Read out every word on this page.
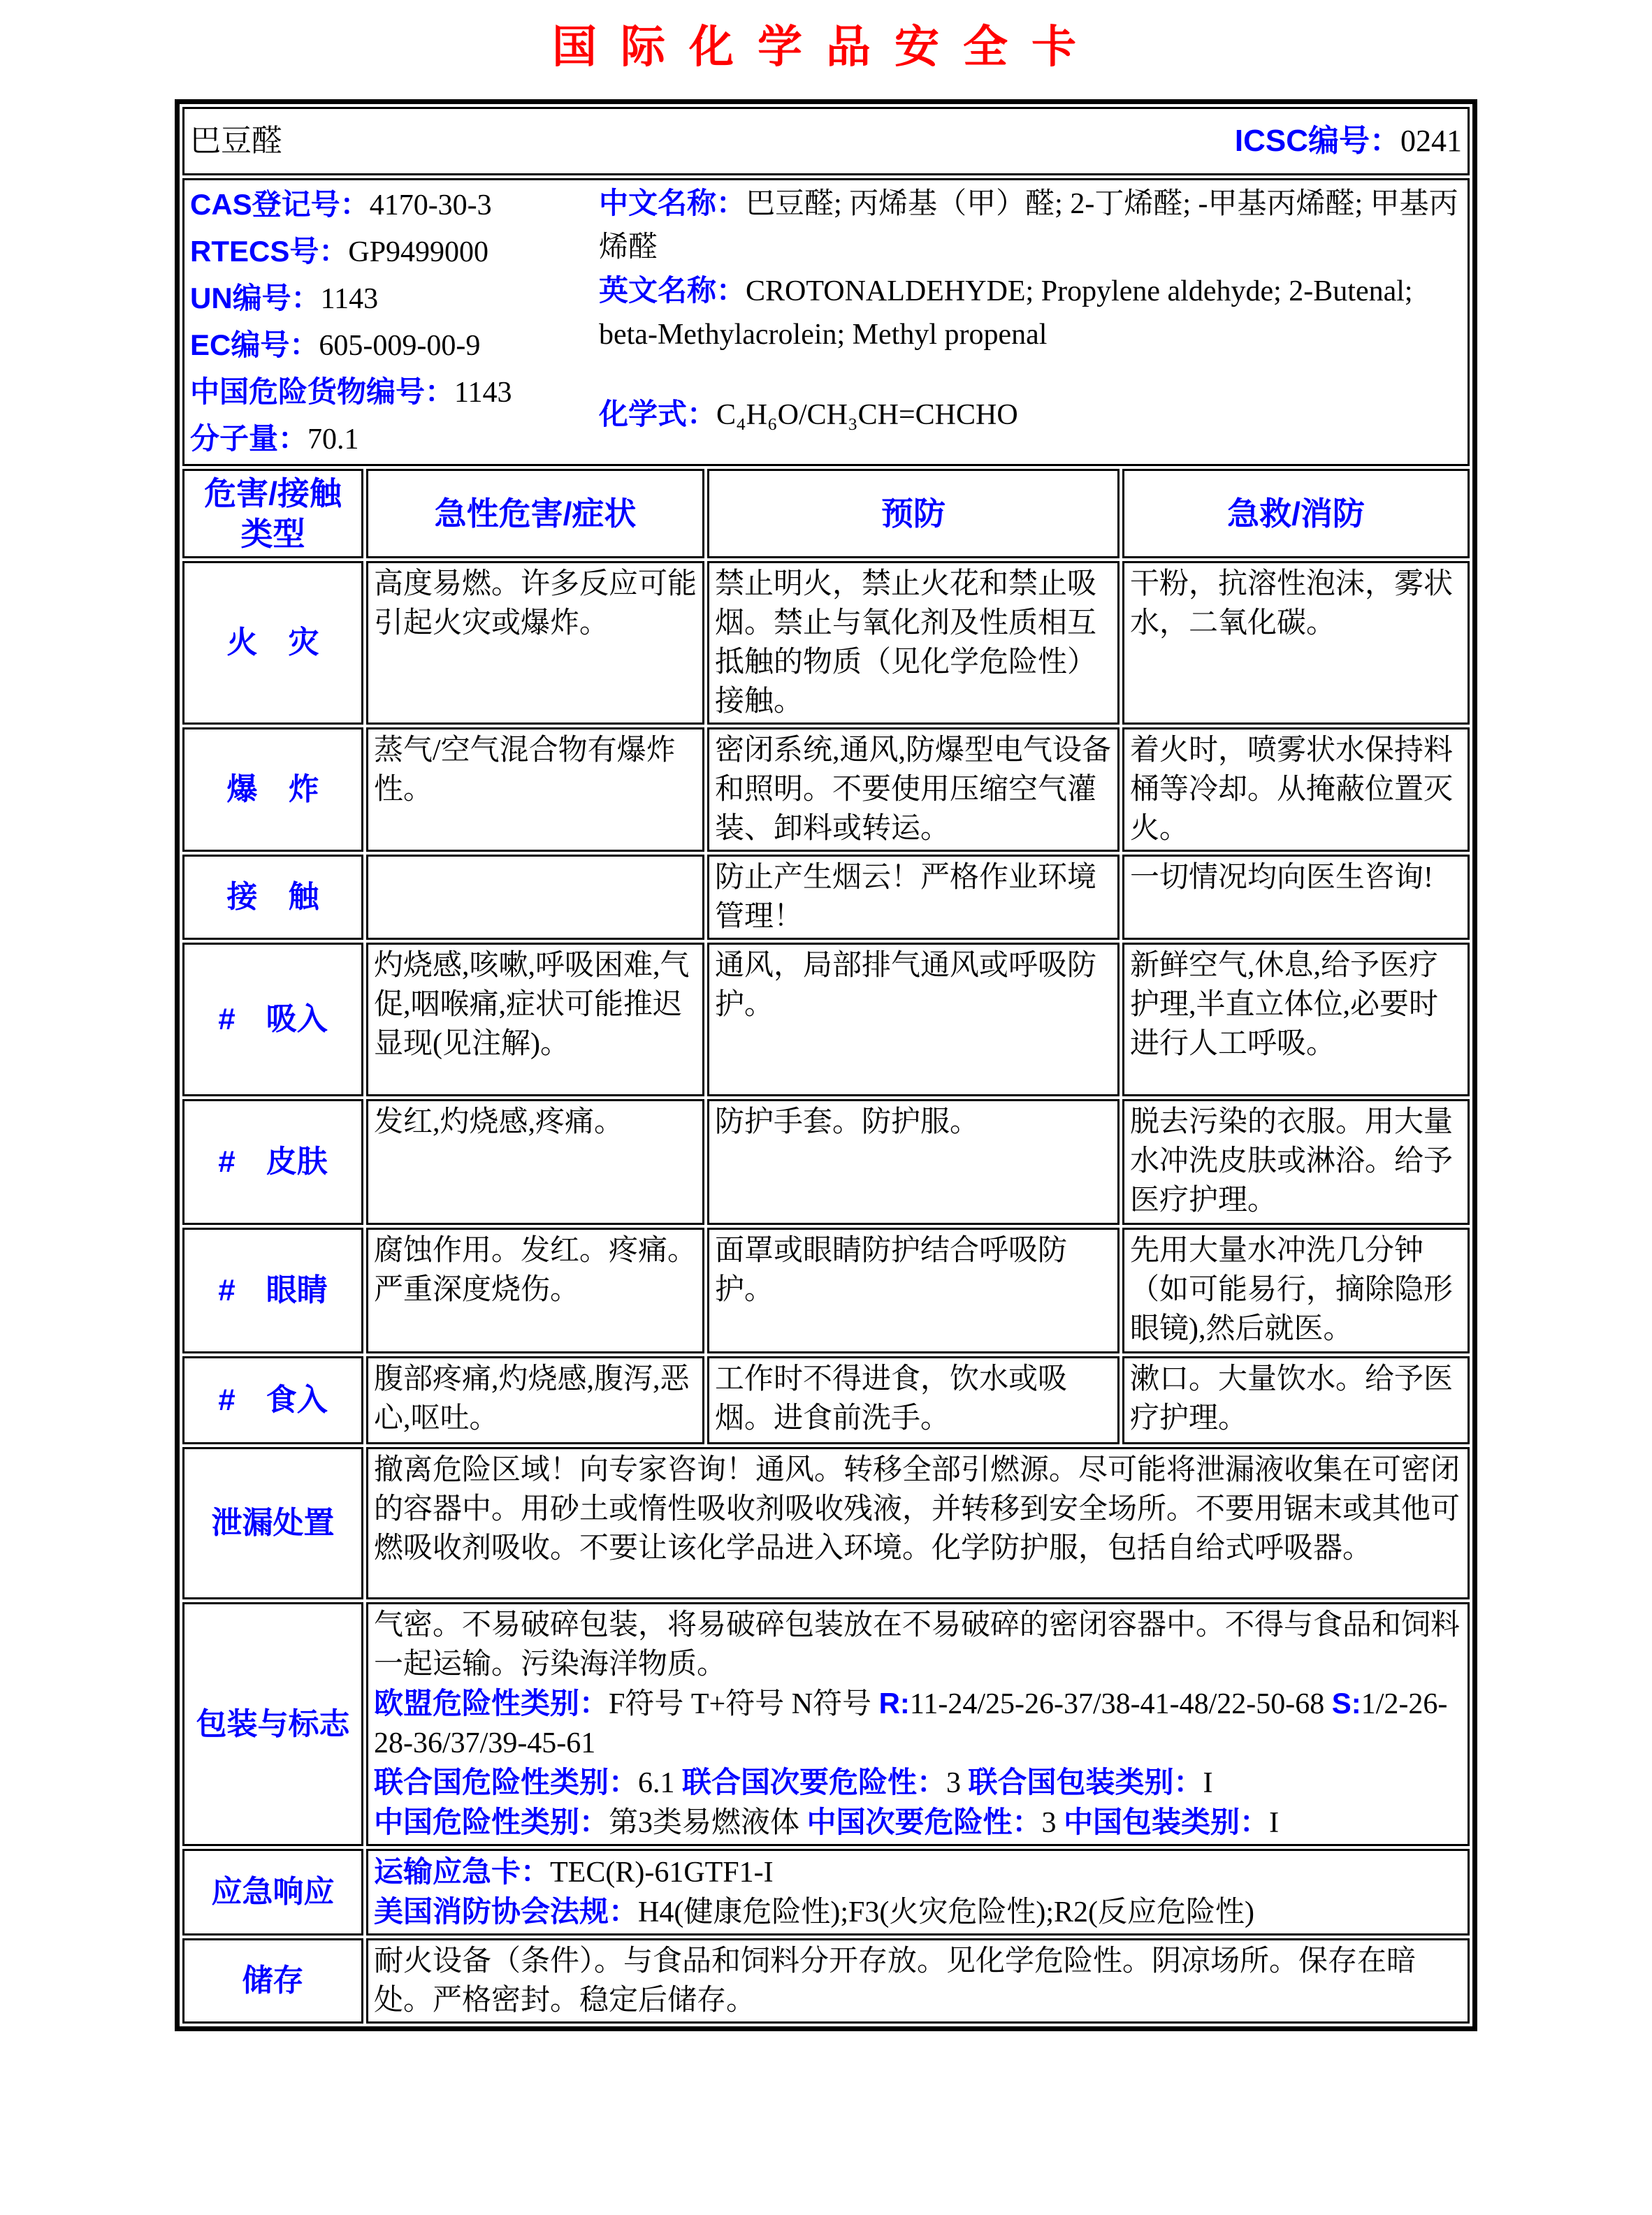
国际化学品安全卡
巴豆醛 ICSC编号：0241			

CAS登记号：4170-30-3
RTECS号：GP9499000
UN编号：1143
EC编号：605-009-00-9
中国危险货物编号：1143
分子量：70.1
中文名称：巴豆醛; 丙烯基（甲）醛; 2-丁烯醛; -甲基丙烯醛; 甲基丙烯醛
英文名称：CROTONALDEHYDE; Propylene aldehyde; 2-Butenal; beta-Methylacrolein; Methyl propenal
化学式：C₄H₆O/CH₃CH=CHCHO

危害/接触类型	急性危害/症状	预防	急救/消防
火　灾	高度易燃。许多反应可能引起火灾或爆炸。	禁止明火，禁止火花和禁止吸烟。禁止与氧化剂及性质相互抵触的物质（见化学危险性）接触。	干粉，抗溶性泡沫，雾状水，二氧化碳。
爆　炸	蒸气/空气混合物有爆炸性。	密闭系统,通风,防爆型电气设备和照明。不要使用压缩空气灌装、卸料或转运。	着火时，喷雾状水保持料桶等冷却。从掩蔽位置灭火。
接　触		防止产生烟云！严格作业环境管理！	一切情况均向医生咨询!
#　吸入	灼烧感,咳嗽,呼吸困难,气促,咽喉痛,症状可能推迟显现(见注解)。	通风，局部排气通风或呼吸防护。	新鲜空气,休息,给予医疗护理,半直立体位,必要时进行人工呼吸。
#　皮肤	发红,灼烧感,疼痛。	防护手套。防护服。	脱去污染的衣服。用大量水冲洗皮肤或淋浴。给予医疗护理。
#　眼睛	腐蚀作用。发红。疼痛。严重深度烧伤。	面罩或眼睛防护结合呼吸防护。	先用大量水冲洗几分钟（如可能易行，摘除隐形眼镜),然后就医。
#　食入	腹部疼痛,灼烧感,腹泻,恶心,呕吐。	工作时不得进食，饮水或吸烟。进食前洗手。	漱口。大量饮水。给予医疗护理。
泄漏处置	撤离危险区域！向专家咨询！通风。转移全部引燃源。尽可能将泄漏液收集在可密闭的容器中。用砂土或惰性吸收剂吸收残液，并转移到安全场所。不要用锯末或其他可燃吸收剂吸收。不要让该化学品进入环境。化学防护服，包括自给式呼吸器。		
包装与标志	气密。不易破碎包装，将易破碎包装放在不易破碎的密闭容器中。不得与食品和饲料一起运输。污染海洋物质。
欧盟危险性类别：F符号 T+符号 N符号 R:11-24/25-26-37/38-41-48/22-50-68 S:1/2-26-28-36/37/39-45-61
联合国危险性类别：6.1 联合国次要危险性：3 联合国包装类别：I
中国危险性类别：第3类易燃液体 中国次要危险性：3 中国包装类别：I		

应急响应	运输应急卡：TEC(R)-61GTF1-I
美国消防协会法规：H4(健康危险性);F3(火灾危险性);R2(反应危险性)		

储存	耐火设备（条件）。与食品和饲料分开存放。见化学危险性。阴凉场所。保存在暗处。严格密封。稳定后储存。		
